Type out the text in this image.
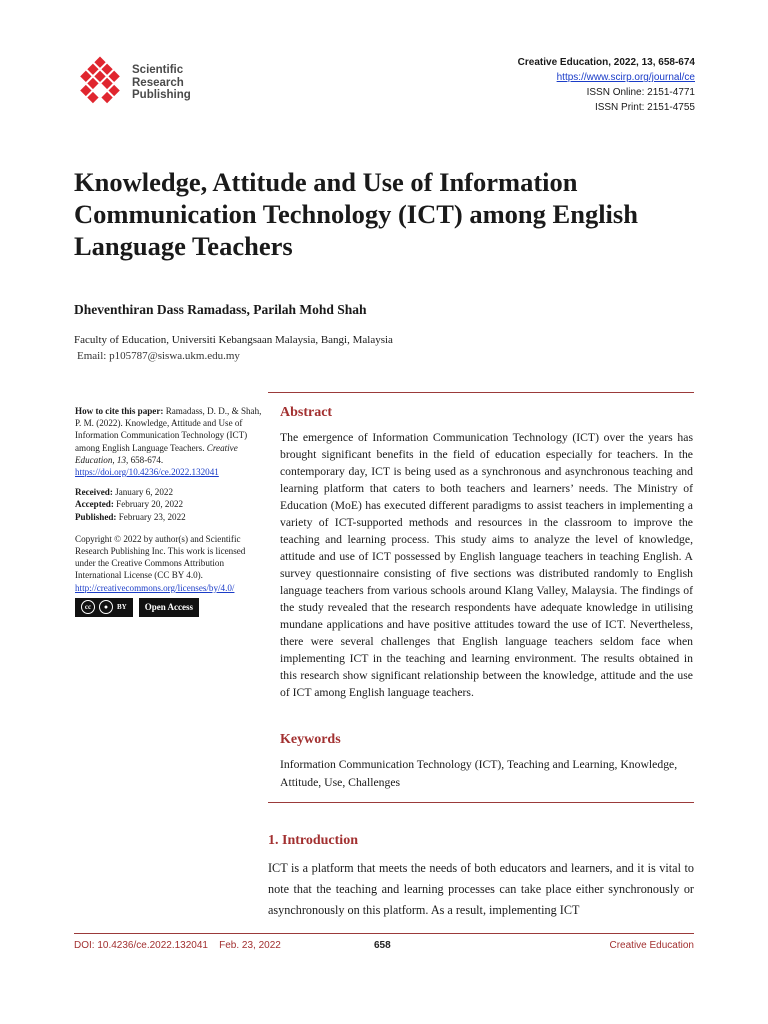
Scientific
Research
Publishing
Creative Education, 2022, 13, 658-674
https://www.scirp.org/journal/ce
ISSN Online: 2151-4771
ISSN Print: 2151-4755
Knowledge, Attitude and Use of Information Communication Technology (ICT) among English Language Teachers
Dheventhiran Dass Ramadass, Parilah Mohd Shah
Faculty of Education, Universiti Kebangsaan Malaysia, Bangi, Malaysia
Email: p105787@siswa.ukm.edu.my

How to cite this paper: Ramadass, D. D., & Shah, P. M. (2022). Knowledge, Attitude and Use of Information Communication Technology (ICT) among English Language Teachers. Creative Education, 13, 658-674.
https://doi.org/10.4236/ce.2022.132041

Received: January 6, 2022
Accepted: February 20, 2022
Published: February 23, 2022

Copyright © 2022 by author(s) and Scientific Research Publishing Inc. This work is licensed under the Creative Commons Attribution International License (CC BY 4.0).
http://creativecommons.org/licenses/by/4.0/

cc	●	BY Open Access
Abstract
The emergence of Information Communication Technology (ICT) over the years has brought significant benefits in the field of education especially for teachers. In the contemporary day, ICT is being used as a synchronous and asynchronous teaching and learning platform that caters to both teachers and learners’ needs. The Ministry of Education (MoE) has executed different paradigms to assist teachers in implementing a variety of ICT-supported methods and resources in the classroom to improve the teaching and learning process. This study aims to analyze the level of knowledge, attitude and use of ICT possessed by English language teachers in teaching English. A survey questionnaire consisting of five sections was distributed randomly to English language teachers from various schools around Klang Valley, Malaysia. The findings of the study revealed that the research respondents have adequate knowledge in utilising mundane applications and have positive attitudes toward the use of ICT. Nevertheless, there were several challenges that English language teachers seldom face when implementing ICT in the teaching and learning environment. The results obtained in this research show significant relationship between the knowledge, attitude and the use of ICT among English language teachers.
Keywords
Information Communication Technology (ICT), Teaching and Learning, Knowledge, Attitude, Use, Challenges
1. Introduction
ICT is a platform that meets the needs of both educators and learners, and it is vital to note that the teaching and learning processes can take place either synchronously or asynchronously on this platform. As a result, implementing ICT
DOI: 10.4236/ce.2022.132041 Feb. 23, 2022	658	Creative Education
